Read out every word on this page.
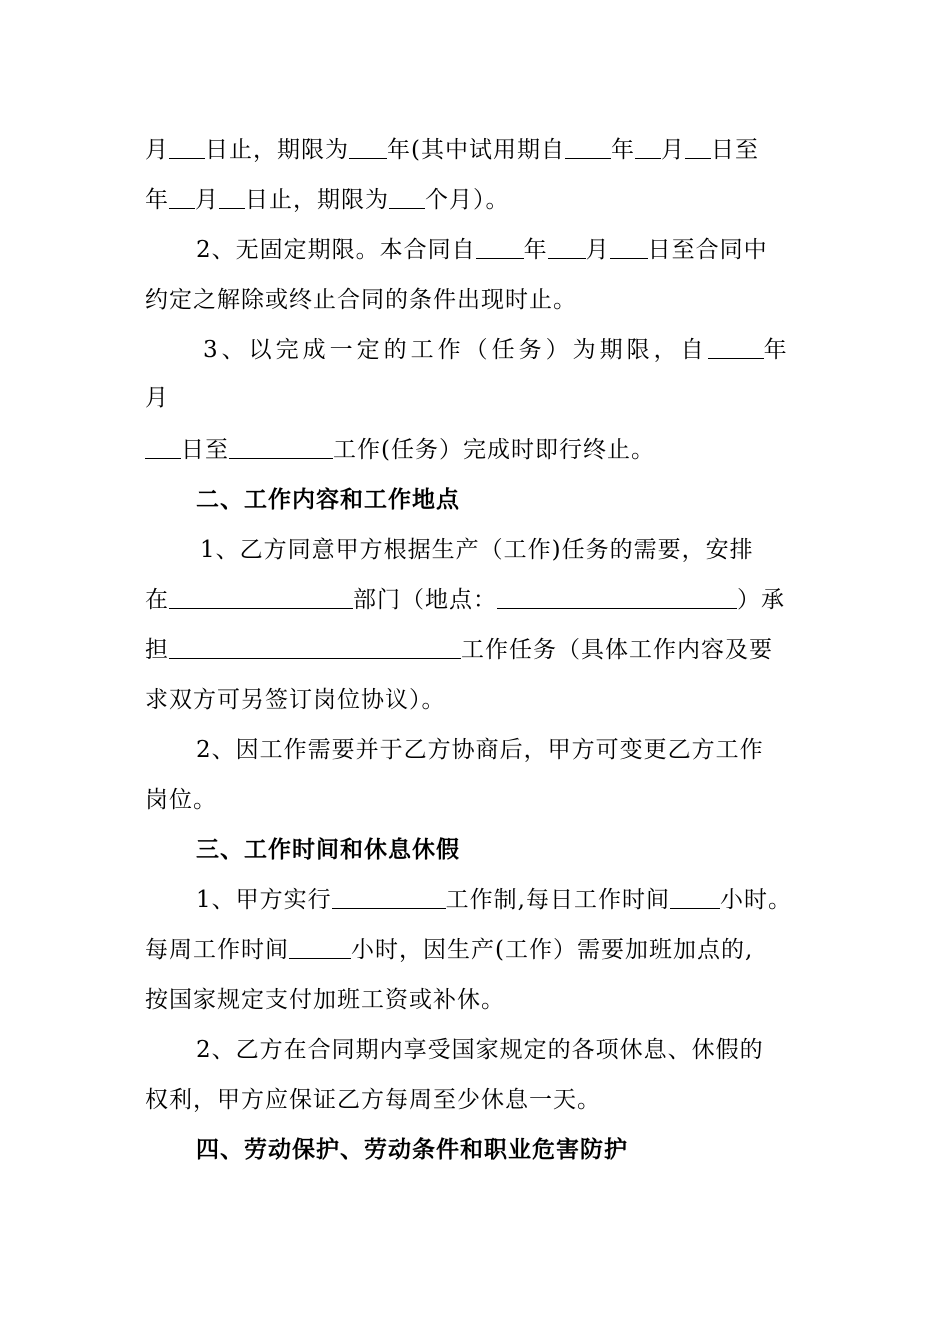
月 日止，期限为 年(其中试用期自 年 月 日至
年 月 日止，期限为 个月）。
2、无固定期限。本合同自 年 月 日至合同中
约定之解除或终止合同的条件出现时止。
3、以完成一定的工作（任务）为期限，自 年
月
日至	工作(任务）完成时即行终止。
二、工作内容和工作地点
1、乙方同意甲方根据生产（工作)任务的需要，安排
在	部门（地点：	）承
担	工作任务（具体工作内容及要
求双方可另签订岗位协议）。
2、因工作需要并于乙方协商后，甲方可变更乙方工作
岗位。
三、工作时间和休息休假
1、甲方实行	工作制,每日工作时间 小时。
每周工作时间	小时，因生产(工作）需要加班加点的,
按国家规定支付加班工资或补休。
2、乙方在合同期内享受国家规定的各项休息、休假的
权利，甲方应保证乙方每周至少休息一天。
四、劳动保护、劳动条件和职业危害防护
